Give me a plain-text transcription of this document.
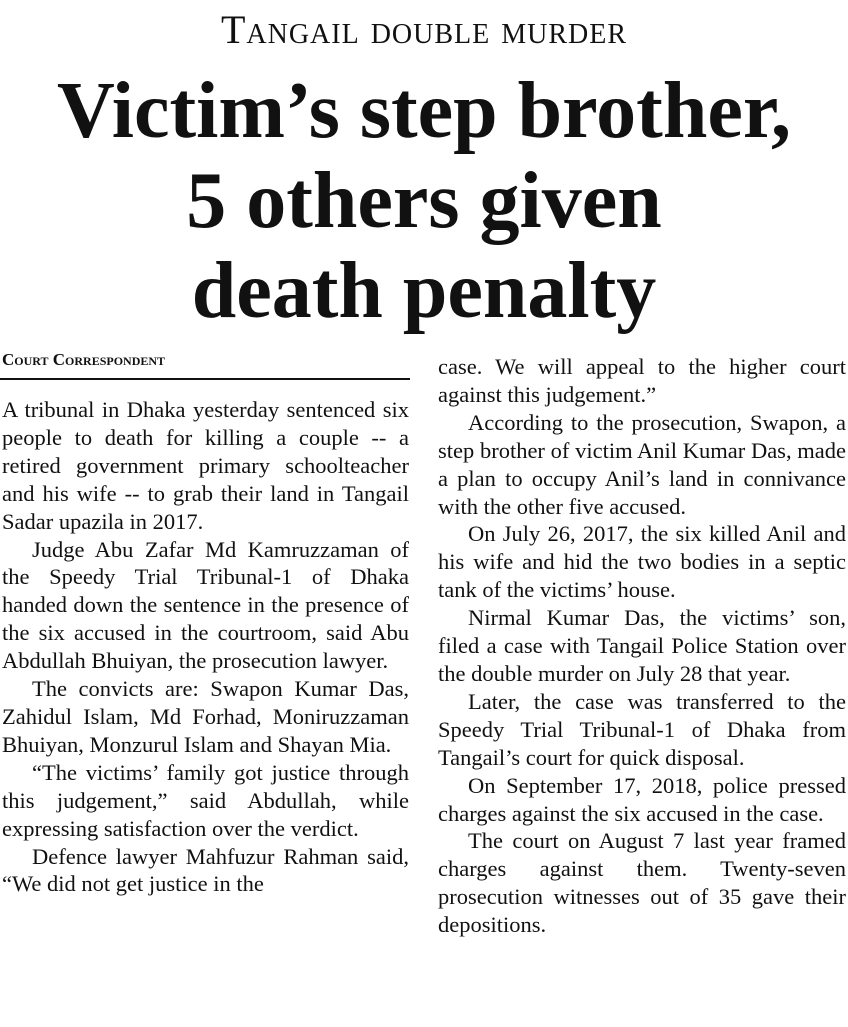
Tangail double murder
Victim’s step brother,
5 others given
death penalty
Court Correspondent

A tribunal in Dhaka yesterday sentenced six people to death for killing a couple -- a retired government primary schoolteacher and his wife -- to grab their land in Tangail Sadar upazila in 2017.

Judge Abu Zafar Md Kamruzzaman of the Speedy Trial Tribunal-1 of Dhaka handed down the sentence in the presence of the six accused in the courtroom, said Abu Abdullah Bhuiyan, the prosecution lawyer.

The convicts are: Swapon Kumar Das, Zahidul Islam, Md Forhad, Moniruzzaman Bhuiyan, Monzurul Islam and Shayan Mia.

“The victims’ family got justice through this judgement,” said Abdullah, while expressing satisfaction over the verdict.

Defence lawyer Mahfuzur Rahman said, “We did not get justice in the

case. We will appeal to the higher court against this judgement.”

According to the prosecution, Swapon, a step brother of victim Anil Kumar Das, made a plan to occupy Anil’s land in connivance with the other five accused.

On July 26, 2017, the six killed Anil and his wife and hid the two bodies in a septic tank of the victims’ house.

Nirmal Kumar Das, the victims’ son, filed a case with Tangail Police Station over the double murder on July 28 that year.

Later, the case was transferred to the Speedy Trial Tribunal-1 of Dhaka from Tangail’s court for quick disposal.

On September 17, 2018, police pressed charges against the six accused in the case.

The court on August 7 last year framed charges against them. Twenty-seven prosecution witnesses out of 35 gave their depositions.
